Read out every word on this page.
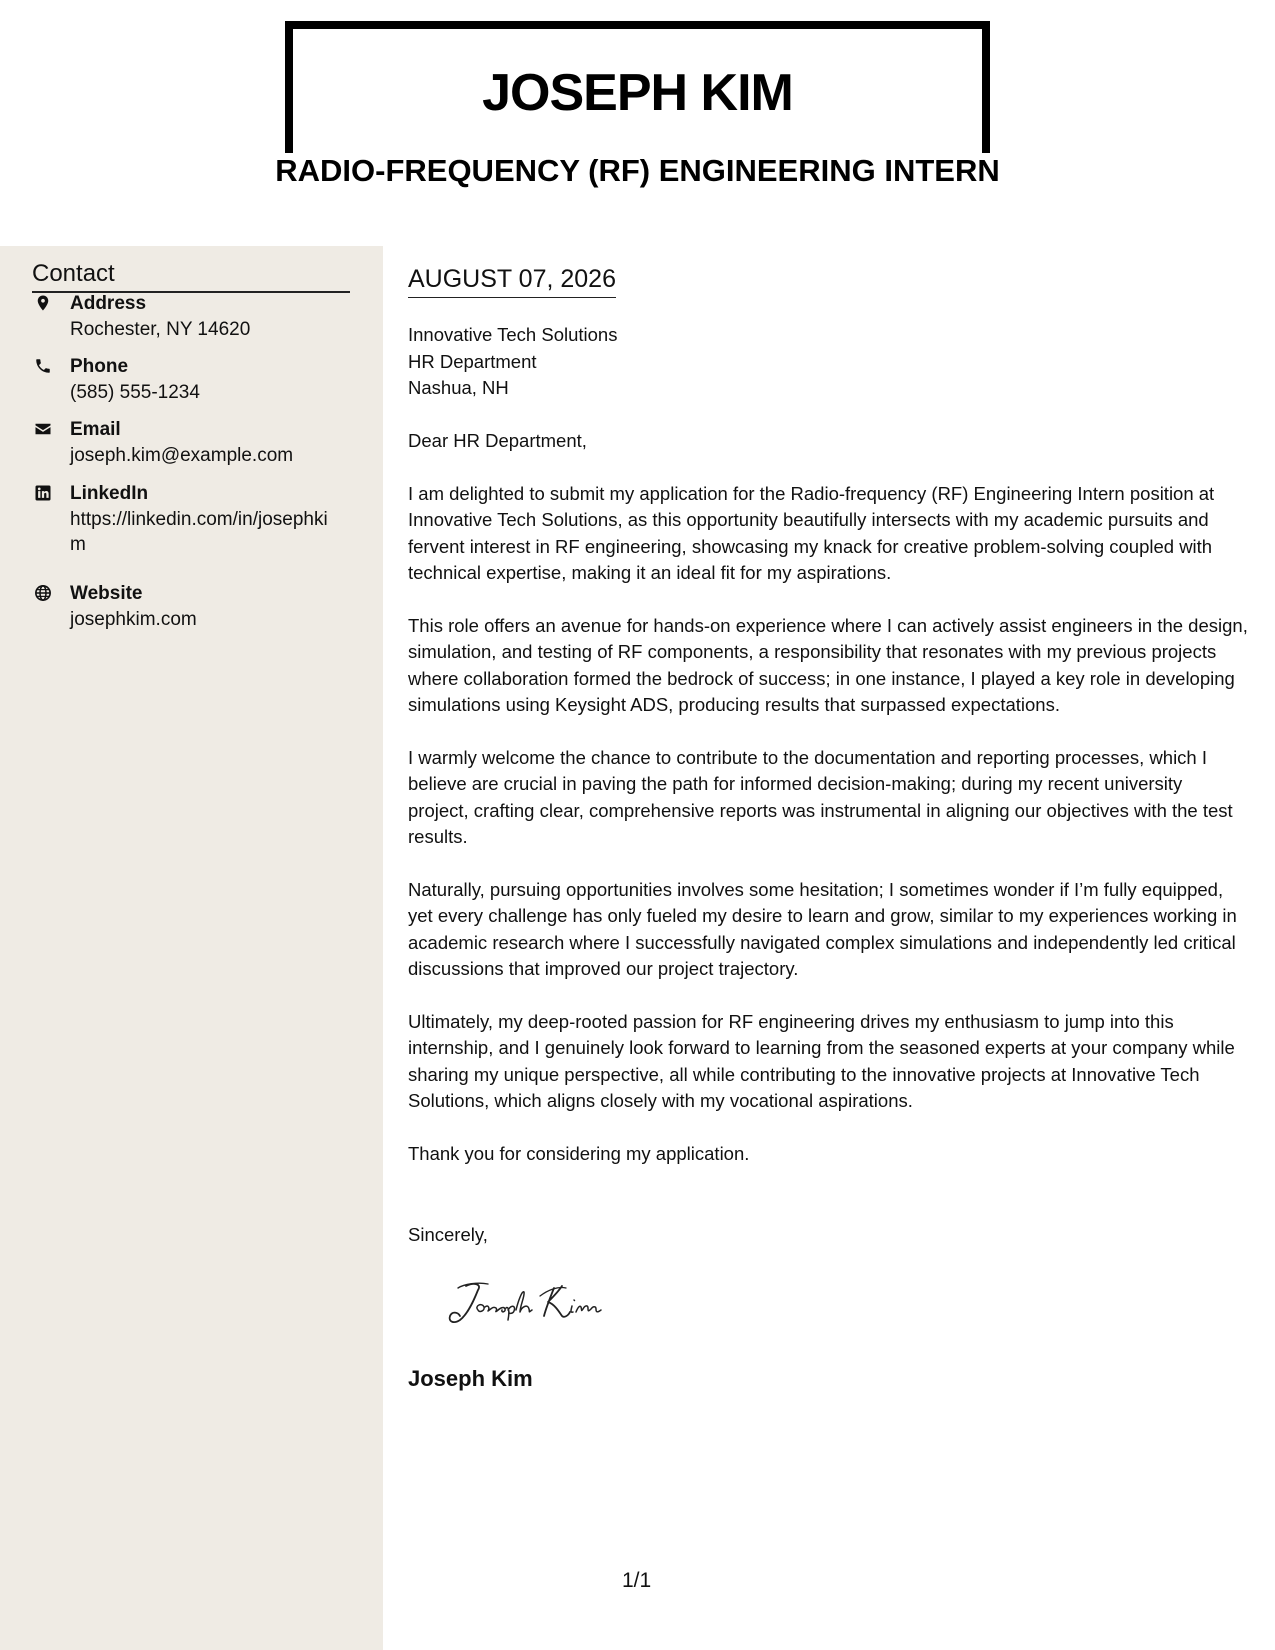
JOSEPH KIM
RADIO-FREQUENCY (RF) ENGINEERING INTERN
Contact
Address
Rochester, NY 14620
Phone
(585) 555-1234
Email
joseph.kim@example.com
LinkedIn
https://linkedin.com/in/josephkim
Website
josephkim.com
AUGUST 07, 2026
Innovative Tech Solutions
HR Department
Nashua, NH

Dear HR Department,

I am delighted to submit my application for the Radio-frequency (RF) Engineering Intern position at Innovative Tech Solutions, as this opportunity beautifully intersects with my academic pursuits and fervent interest in RF engineering, showcasing my knack for creative problem-solving coupled with technical expertise, making it an ideal fit for my aspirations.

This role offers an avenue for hands-on experience where I can actively assist engineers in the design, simulation, and testing of RF components, a responsibility that resonates with my previous projects where collaboration formed the bedrock of success; in one instance, I played a key role in developing simulations using Keysight ADS, producing results that surpassed expectations.

I warmly welcome the chance to contribute to the documentation and reporting processes, which I believe are crucial in paving the path for informed decision-making; during my recent university project, crafting clear, comprehensive reports was instrumental in aligning our objectives with the test results.

Naturally, pursuing opportunities involves some hesitation; I sometimes wonder if I’m fully equipped, yet every challenge has only fueled my desire to learn and grow, similar to my experiences working in academic research where I successfully navigated complex simulations and independently led critical discussions that improved our project trajectory.

Ultimately, my deep-rooted passion for RF engineering drives my enthusiasm to jump into this internship, and I genuinely look forward to learning from the seasoned experts at your company while sharing my unique perspective, all while contributing to the innovative projects at Innovative Tech Solutions, which aligns closely with my vocational aspirations.

Thank you for considering my application.

Sincerely,
Joseph Kim
1/1
